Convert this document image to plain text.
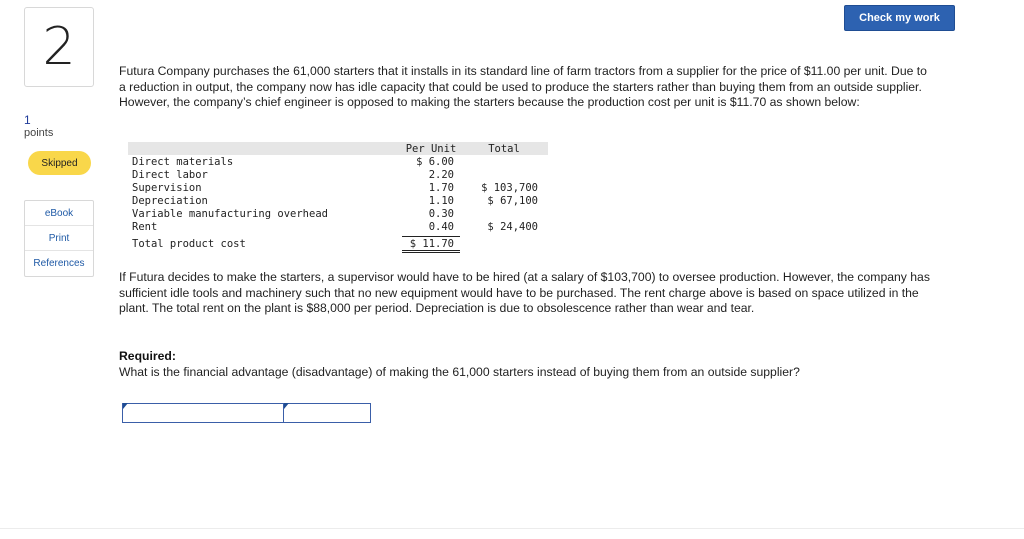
2
1
points
Skipped
eBook
Print
References
Check my work
Futura Company purchases the 61,000 starters that it installs in its standard line of farm tractors from a supplier for the price of $11.00 per unit. Due to a reduction in output, the company now has idle capacity that could be used to produce the starters rather than buying them from an outside supplier. However, the company’s chief engineer is opposed to making the starters because the production cost per unit is $11.70 as shown below:
Per Unit	Total
Direct materials	$ 6.00
Direct labor	2.20
Supervision	1.70	$ 103,700
Depreciation	1.10	$ 67,100
Variable manufacturing overhead	0.30
Rent	0.40	$ 24,400
Total product cost	$ 11.70
If Futura decides to make the starters, a supervisor would have to be hired (at a salary of $103,700) to oversee production. However, the company has sufficient idle tools and machinery such that no new equipment would have to be purchased. The rent charge above is based on space utilized in the plant. The total rent on the plant is $88,000 per period. Depreciation is due to obsolescence rather than wear and tear.
Required:
What is the financial advantage (disadvantage) of making the 61,000 starters instead of buying them from an outside supplier?
